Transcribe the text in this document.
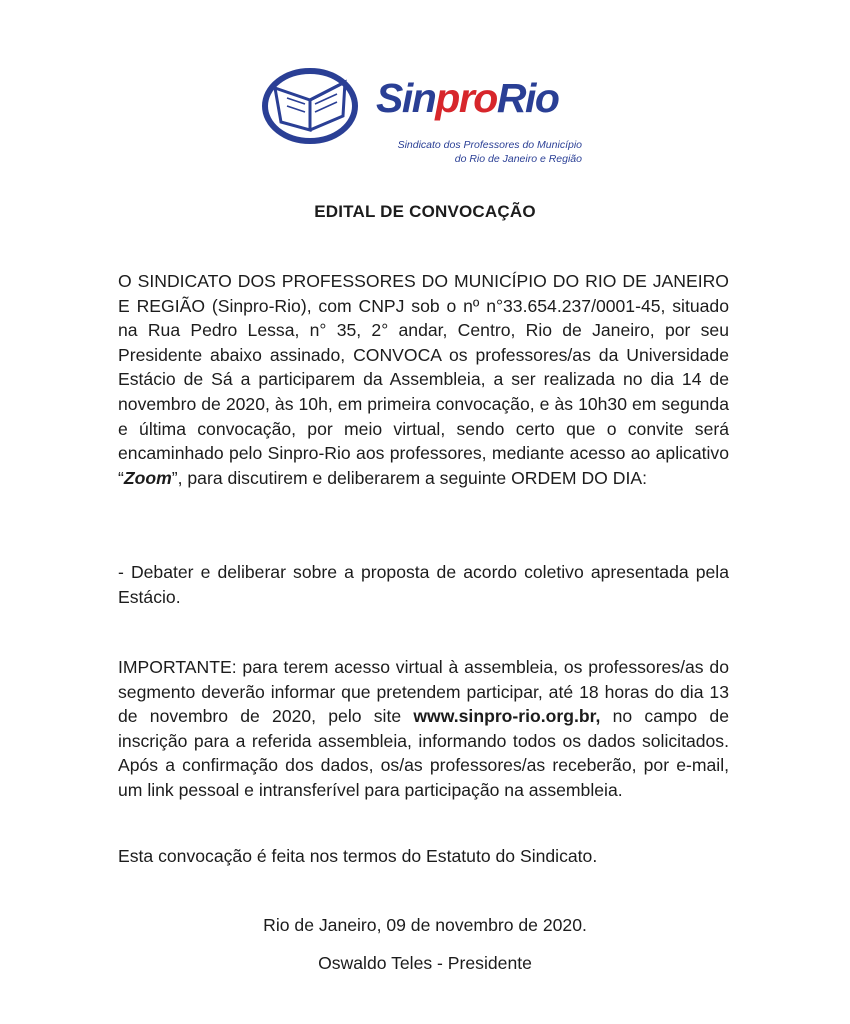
SinproRio
Sindicato dos Professores do Município
do Rio de Janeiro e Região
EDITAL DE CONVOCAÇÃO

O SINDICATO DOS PROFESSORES DO MUNICÍPIO DO RIO DE JANEIRO E REGIÃO (Sinpro-Rio), com CNPJ sob o nº n°33.654.237/0001-45, situado na Rua Pedro Lessa, n° 35, 2° andar, Centro, Rio de Janeiro, por seu Presidente abaixo assinado, CONVOCA os professores/as da Universidade Estácio de Sá a participarem da Assembleia, a ser realizada no dia 14 de novembro de 2020, às 10h, em primeira convocação, e às 10h30 em segunda e última convocação, por meio virtual, sendo certo que o convite será encaminhado pelo Sinpro-Rio aos professores, mediante acesso ao aplicativo “Zoom”, para discutirem e deliberarem a seguinte ORDEM DO DIA:

- Debater e deliberar sobre a proposta de acordo coletivo apresentada pela Estácio.

IMPORTANTE: para terem acesso virtual à assembleia, os professores/as do segmento deverão informar que pretendem participar, até 18 horas do dia 13 de novembro de 2020, pelo site www.sinpro-rio.org.br, no campo de inscrição para a referida assembleia, informando todos os dados solicitados. Após a confirmação dos dados, os/as professores/as receberão, por e-mail, um link pessoal e intransferível para participação na assembleia.

Esta convocação é feita nos termos do Estatuto do Sindicato.

Rio de Janeiro, 09 de novembro de 2020.

Oswaldo Teles - Presidente
